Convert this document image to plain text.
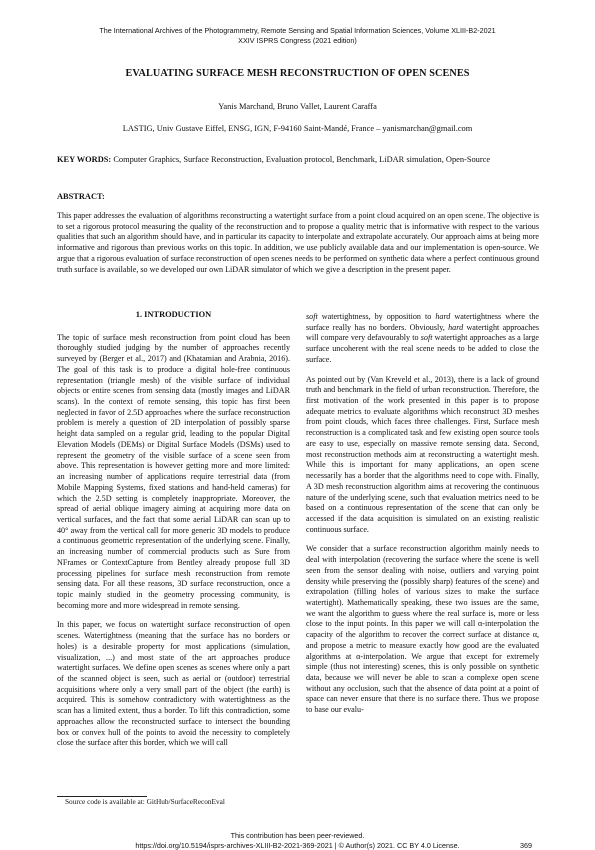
The International Archives of the Photogrammetry, Remote Sensing and Spatial Information Sciences, Volume XLIII-B2-2021
XXIV ISPRS Congress (2021 edition)
EVALUATING SURFACE MESH RECONSTRUCTION OF OPEN SCENES
Yanis Marchand, Bruno Vallet, Laurent Caraffa
LASTIG, Univ Gustave Eiffel, ENSG, IGN, F-94160 Saint-Mandé, France – yanismarchan@gmail.com
KEY WORDS: Computer Graphics, Surface Reconstruction, Evaluation protocol, Benchmark, LiDAR simulation, Open-Source
ABSTRACT:

This paper addresses the evaluation of algorithms reconstructing a watertight surface from a point cloud acquired on an open scene. The objective is to set a rigorous protocol measuring the quality of the reconstruction and to propose a quality metric that is informative with respect to the various qualities that such an algorithm should have, and in particular its capacity to interpolate and extrapolate accurately. Our approach aims at being more informative and rigorous than previous works on this topic. In addition, we use publicly available data and our implementation is open-source. We argue that a rigorous evaluation of surface reconstruction of open scenes needs to be performed on synthetic data where a perfect continuous ground truth surface is available, so we developed our own LiDAR simulator of which we give a description in the present paper.

1. INTRODUCTION

The topic of surface mesh reconstruction from point cloud has been thoroughly studied judging by the number of approaches recently surveyed by (Berger et al., 2017) and (Khatamian and Arabnia, 2016). The goal of this task is to produce a digital hole-free continuous representation (triangle mesh) of the visible surface of individual objects or entire scenes from sensing data (mostly images and LiDAR scans). In the context of remote sensing, this topic has first been neglected in favor of 2.5D approaches where the surface reconstruction problem is merely a question of 2D interpolation of possibly sparse height data sampled on a regular grid, leading to the popular Digital Elevation Models (DEMs) or Digital Surface Models (DSMs) used to represent the geometry of the visible surface of a scene seen from above. This representation is however getting more and more limited: an increasing number of applications require terrestrial data (from Mobile Mapping Systems, fixed stations and hand-held cameras) for which the 2.5D setting is completely inappropriate. Moreover, the spread of aerial oblique imagery aiming at acquiring more data on vertical surfaces, and the fact that some aerial LiDAR can scan up to 40° away from the vertical call for more generic 3D models to produce a continuous geometric representation of the underlying scene. Finally, an increasing number of commercial products such as Sure from NFrames or ContextCapture from Bentley already propose full 3D processing pipelines for surface mesh reconstruction from remote sensing data. For all these reasons, 3D surface reconstruction, once a topic mainly studied in the geometry processing community, is becoming more and more widespread in remote sensing.

In this paper, we focus on watertight surface reconstruction of open scenes. Watertightness (meaning that the surface has no borders or holes) is a desirable property for most applications (simulation, visualization, ...) and most state of the art approaches produce watertight surfaces. We define open scenes as scenes where only a part of the scanned object is seen, such as aerial or (outdoor) terrestrial acquisitions where only a very small part of the object (the earth) is acquired. This is somehow contradictory with watertightness as the scan has a limited extent, thus a border. To lift this contradiction, some approaches allow the reconstructed surface to intersect the bounding box or convex hull of the points to avoid the necessity to completely close the surface after this border, which we will call

soft watertightness, by opposition to hard watertightness where the surface really has no borders. Obviously, hard watertight approaches will compare very defavourably to soft watertight approaches as a large surface uncoherent with the real scene needs to be added to close the surface.

As pointed out by (Van Kreveld et al., 2013), there is a lack of ground truth and benchmark in the field of urban reconstruction. Therefore, the first motivation of the work presented in this paper is to propose adequate metrics to evaluate algorithms which reconstruct 3D meshes from point clouds, which faces three challenges. First, Surface mesh reconstruction is a complicated task and few existing open source tools are easy to use, especially on massive remote sensing data. Second, most reconstruction methods aim at reconstructing a watertight mesh. While this is important for many applications, an open scene necessarily has a border that the algorithms need to cope with. Finally, A 3D mesh reconstruction algorithm aims at recovering the continuous nature of the underlying scene, such that evaluation metrics need to be based on a continuous representation of the scene that can only be accessed if the data acquisition is simulated on an existing realistic continuous surface.

We consider that a surface reconstruction algorithm mainly needs to deal with interpolation (recovering the surface where the scene is well seen from the sensor dealing with noise, outliers and varying point density while preserving the (possibly sharp) features of the scene) and extrapolation (filling holes of various sizes to make the surface watertight). Mathematically speaking, these two issues are the same, we want the algorithm to guess where the real surface is, more or less close to the input points. In this paper we will call α-interpolation the capacity of the algorithm to recover the correct surface at distance α, and propose a metric to measure exactly how good are the evaluated algorithms at α-interpolation. We argue that except for extremely simple (thus not interesting) scenes, this is only possible on synthetic data, because we will never be able to scan a complexe open scene without any occlusion, such that the absence of data point at a point of space can never ensure that there is no surface there. Thus we propose to base our evalu-

Source code is available at: GitHub/SurfaceReconEval
This contribution has been peer-reviewed.
https://doi.org/10.5194/isprs-archives-XLIII-B2-2021-369-2021 | © Author(s) 2021. CC BY 4.0 License.	369
